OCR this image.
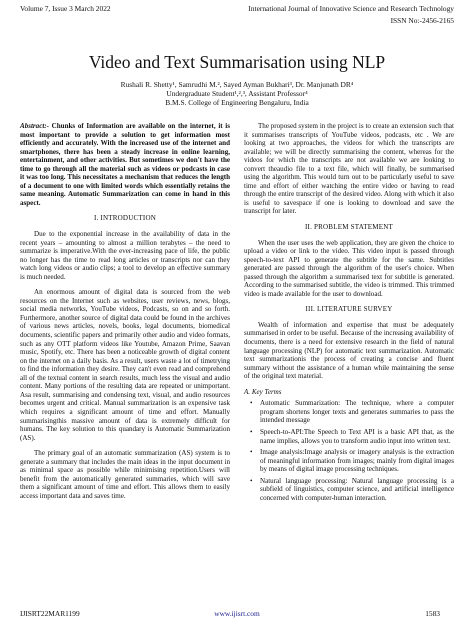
Volume 7, Issue 3 March 2022	International Journal of Innovative Science and Research Technology
ISSN No:-2456-2165
Video and Text Summarisation using NLP
Rushali R. Shetty¹, Samrudhi M.², Sayed Ayman Bukhari³, Dr. Manjunath DR⁴
Undergraduate Student¹,²,³, Assistant Professor⁴
B.M.S. College of Engineering Bengaluru, India

Abstract:- Chunks of Information are available on the internet, it is most important to provide a solution to get information most efficiently and accurately. With the increased use of the internet and smartphones, there has been a steady increase in online learning, entertainment, and other activities. But sometimes we don't have the time to go through all the material such as videos or podcasts in case it was too long. This necessitates a mechanism that reduces the length of a document to one with limited words which essentially retains the same meaning. Automatic Summarization can come in hand in this aspect.

I. INTRODUCTION

Due to the exponential increase in the availability of data in the recent years – amounting to almost a million terabytes – the need to summarize is imperative.With the ever-increasing pace of life, the public no longer has the time to read long articles or transcripts nor can they watch long videos or audio clips; a tool to develop an effective summary is much needed.

An enormous amount of digital data is sourced from the web resources on the Internet such as websites, user reviews, news, blogs, social media networks, YouTube videos, Podcasts, so on and so forth. Furthermore, another source of digital data could be found in the archives of various news articles, novels, books, legal documents, biomedical documents, scientific papers and primarily other audio and video formats, such as any OTT platform videos like Youtube, Amazon Prime, Saavan music, Spotify, etc. There has been a noticeable growth of digital content on the internet on a daily basis. As a result, users waste a lot of timetrying to find the information they desire. They can't even read and comprehend all of the textual content in search results, much less the visual and audio content. Many portions of the resulting data are repeated or unimportant. Asa result, summarising and condensing text, visual, and audio resources becomes urgent and critical. Manual summarization is an expensive task which requires a significant amount of time and effort. Manually summarisingthis massive amount of data is extremely difficult for humans. The key solution to this quandary is Automatic Summarization (AS).

The primary goal of an automatic summarization (AS) system is to generate a summary that includes the main ideas in the input document in as minimal space as possible while minimising repetition.Users will benefit from the automatically generated summaries, which will save them a significant amount of time and effort. This allows them to easily access important data and saves time.

The proposed system in the project is to create an extension such that it summarises transcripts of YouTube videos, podcasts, etc . We are looking at two approaches, the videos for which the transcripts are available; we will be directly summarising the content, whereas for the videos for which the transcripts are not available we are looking to convert theaudio file to a text file, which will finally, be summarised using the algorithm. This would turn out to be particularly useful to save time and effort of either watching the entire video or having to read through the entire transcript of the desired video. Along with which it also is useful to savespace if one is looking to download and save the transcript for later.

II. PROBLEM STATEMENT

When the user uses the web application, they are given the choice to upload a video or link to the video. This video input is passed through speech-to-text API to generate the subtitle for the same. Subtitles generated are passed through the algorithm of the user's choice. When passed through the algorithm a summarised text for subtitle is generated. According to the summarised subtitle, the video is trimmed. This trimmed video is made available for the user to download.

III. LITERATURE SURVEY

Wealth of information and expertise that must be adequately summarised in order to be useful. Because of the increasing availability of documents, there is a need for extensive research in the field of natural language processing (NLP) for automatic text summarization. Automatic text summarizationis the process of creating a concise and fluent summary without the assistance of a human while maintaining the sense of the original text material.

A. Key Terms
• Automatic Summarization: The technique, where a computer program shortens longer texts and generates summaries to pass the intended message
• Speech-to-API:The Speech to Text API is a basic API that, as the name implies, allows you to transform audio input into written text.
• Image analysis:Image analysis or imagery analysis is the extraction of meaningful information from images; mainly from digital images by means of digital image processing techniques.
• Natural language processing: Natural language processing is a subfield of linguistics, computer science, and artificial intelligence concerned with computer-human interaction.
IJISRT22MAR1199	www.ijisrt.com	1583
